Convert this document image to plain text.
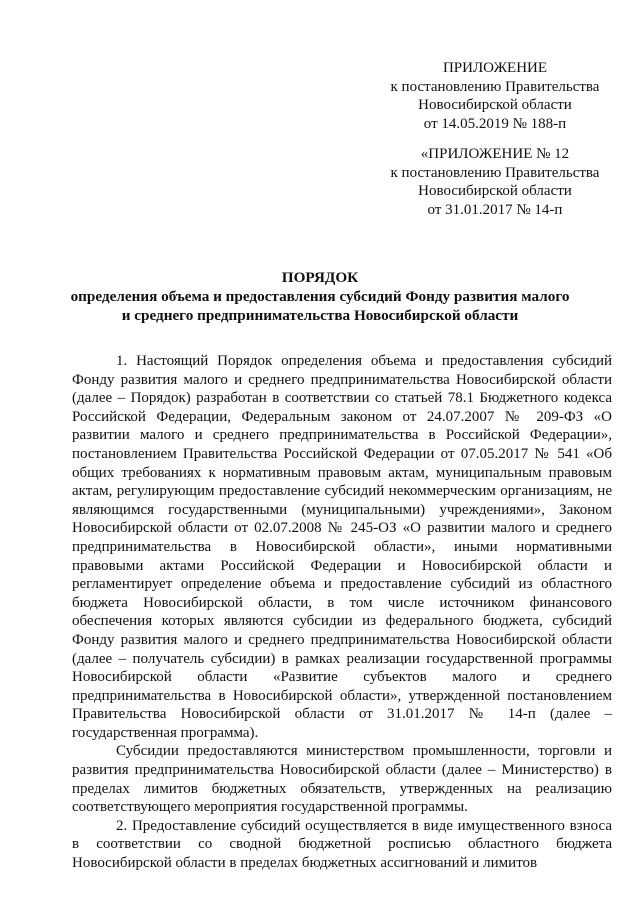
ПРИЛОЖЕНИЕ
к постановлению Правительства
Новосибирской области
от 14.05.2019 № 188-п
«ПРИЛОЖЕНИЕ № 12
к постановлению Правительства
Новосибирской области
от 31.01.2017 № 14-п
ПОРЯДОК
определения объема и предоставления субсидий Фонду развития малого
и среднего предпринимательства Новосибирской области

1. Настоящий Порядок определения объема и предоставления субсидий Фонду развития малого и среднего предпринимательства Новосибирской области (далее – Порядок) разработан в соответствии со статьей 78.1 Бюджетного кодекса Российской Федерации, Федеральным законом от 24.07.2007 № 209-ФЗ «О развитии малого и среднего предпринимательства в Российской Федерации», постановлением Правительства Российской Федерации от 07.05.2017 № 541 «Об общих требованиях к нормативным правовым актам, муниципальным правовым актам, регулирующим предоставление субсидий некоммерческим организациям, не являющимся государственными (муниципальными) учреждениями», Законом Новосибирской области от 02.07.2008 № 245-ОЗ «О развитии малого и среднего предпринимательства в Новосибирской области», иными нормативными правовыми актами Российской Федерации и Новосибирской области и регламентирует определение объема и предоставление субсидий из областного бюджета Новосибирской области, в том числе источником финансового обеспечения которых являются субсидии из федерального бюджета, субсидий Фонду развития малого и среднего предпринимательства Новосибирской области (далее – получатель субсидии) в рамках реализации государственной программы Новосибирской области «Развитие субъектов малого и среднего предпринимательства в Новосибирской области», утвержденной постановлением Правительства Новосибирской области от 31.01.2017 № 14-п (далее – государственная программа).

Субсидии предоставляются министерством промышленности, торговли и развития предпринимательства Новосибирской области (далее – Министерство) в пределах лимитов бюджетных обязательств, утвержденных на реализацию соответствующего мероприятия государственной программы.

2. Предоставление субсидий осуществляется в виде имущественного взноса в соответствии со сводной бюджетной росписью областного бюджета Новосибирской области в пределах бюджетных ассигнований и лимитов
